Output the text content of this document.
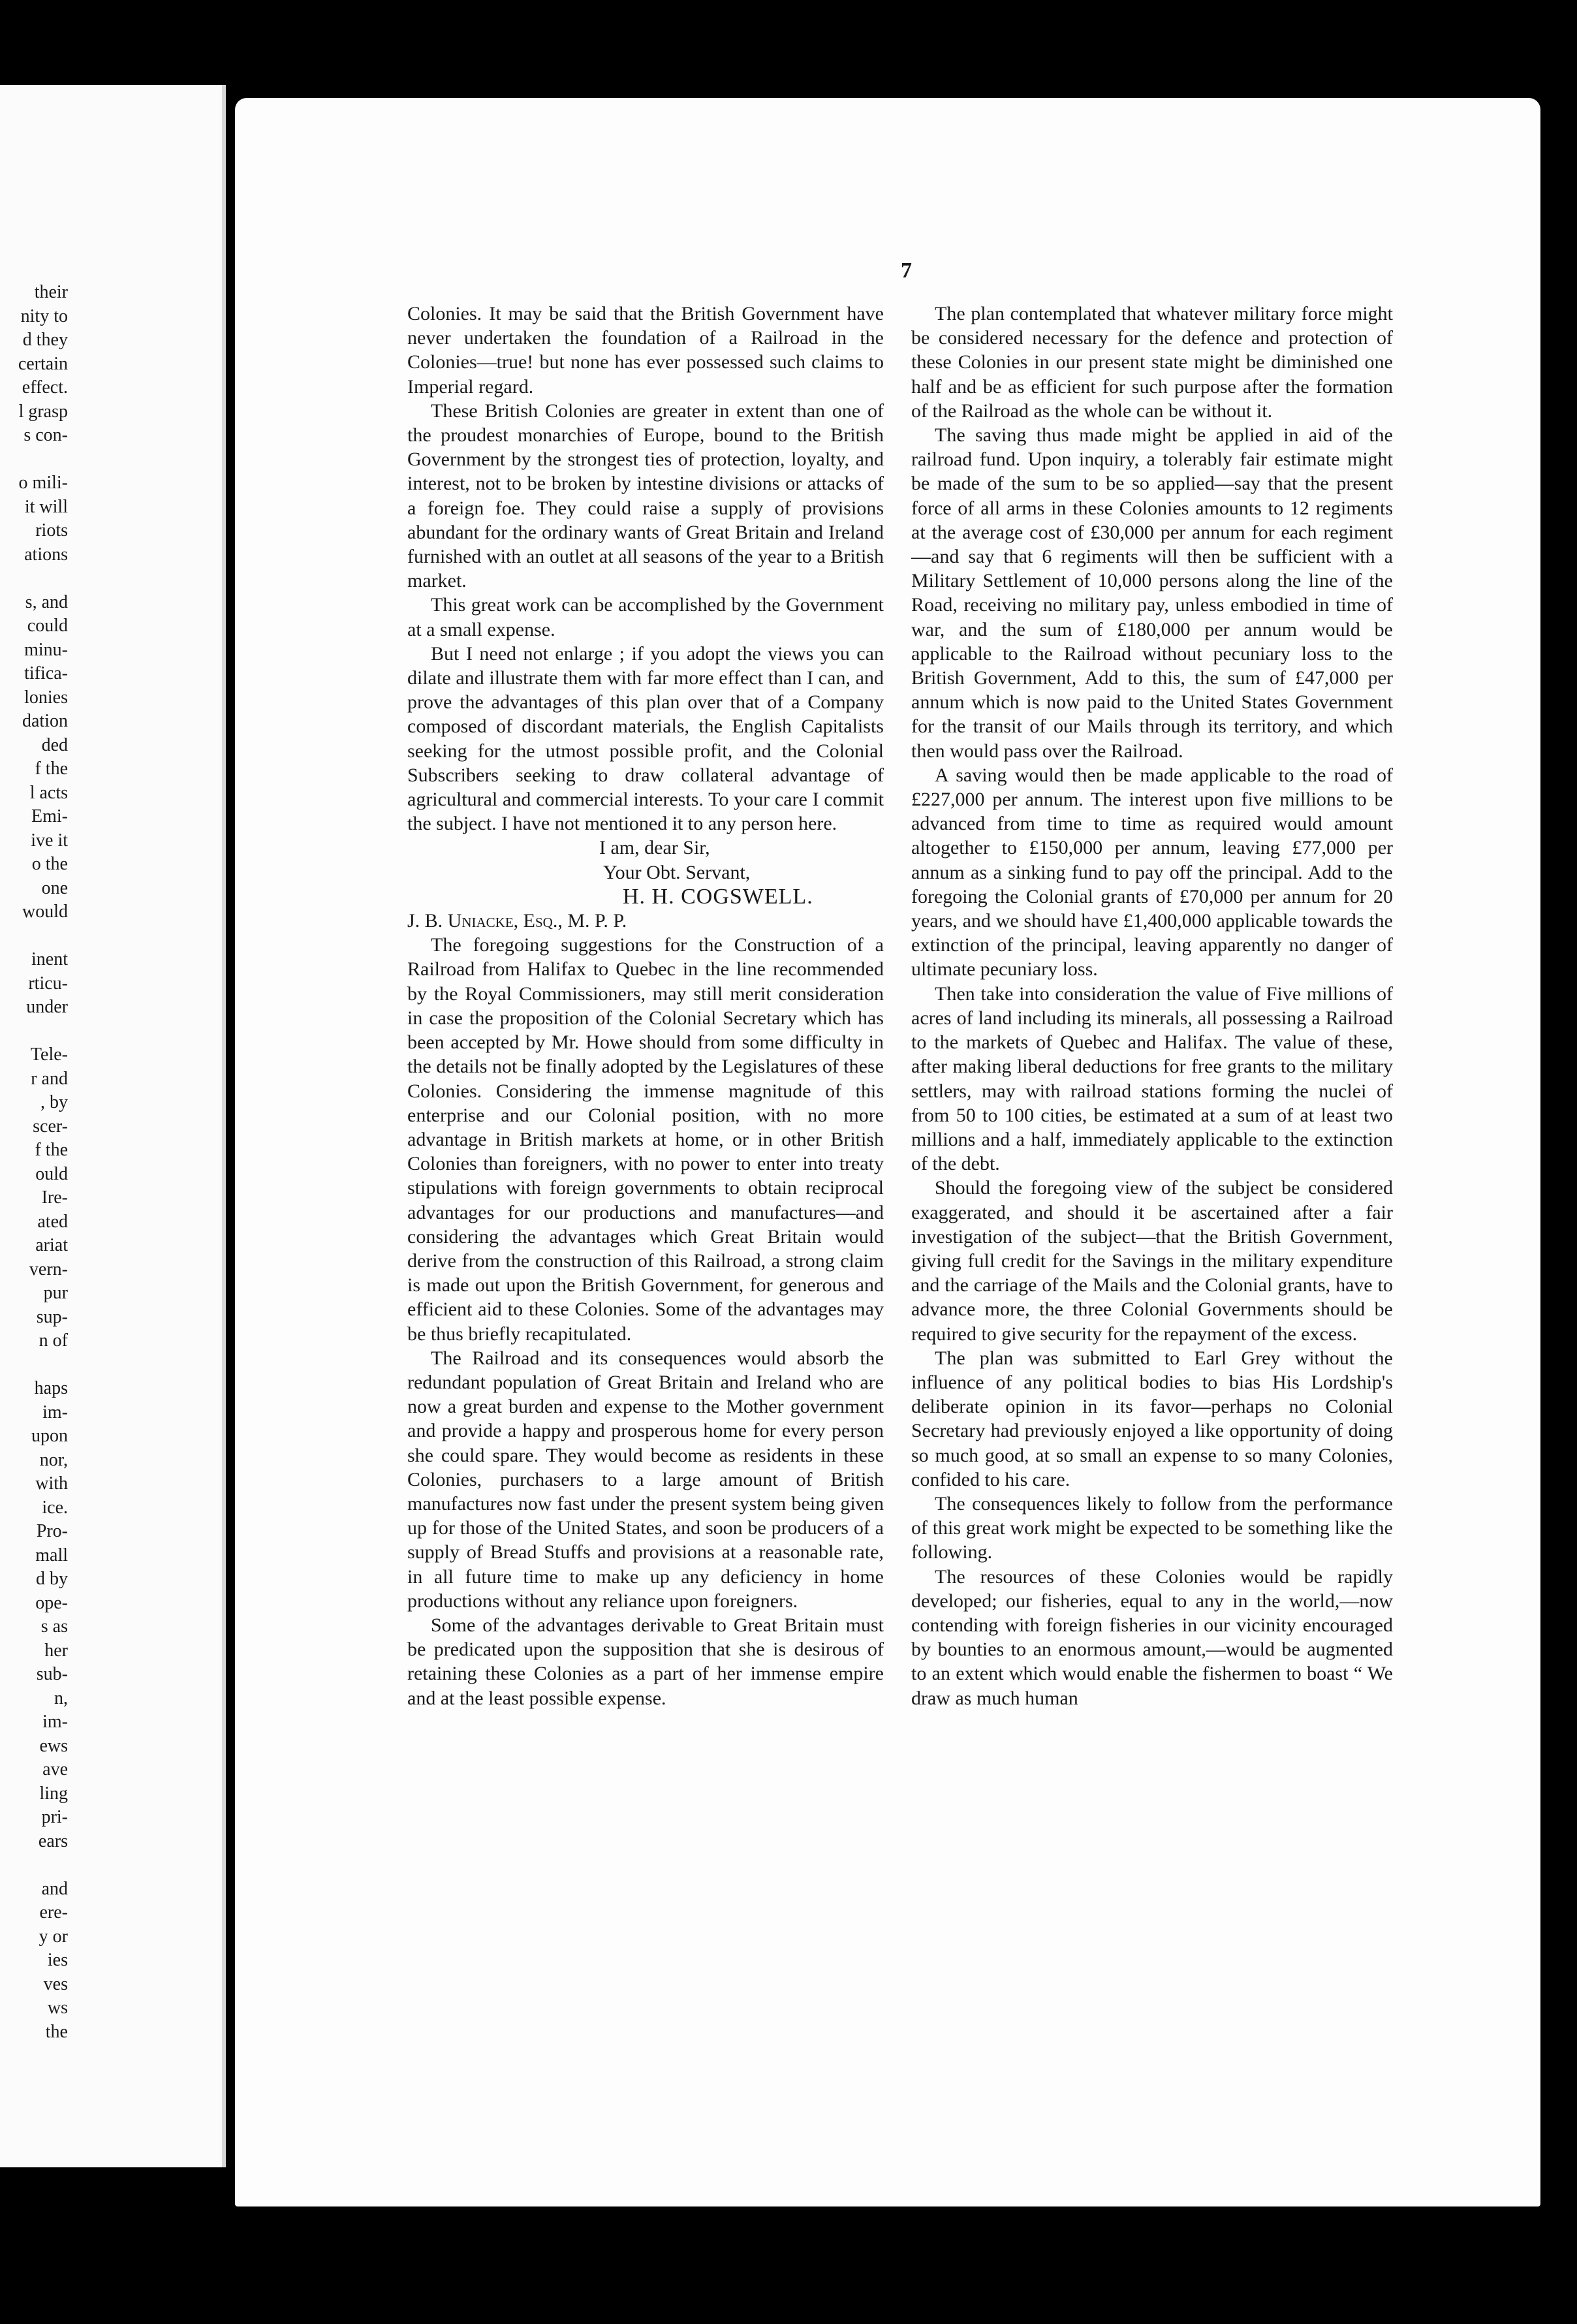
their
nity to
d they
certain
effect.
l grasp
s con-

o mili-
it will
riots
ations

s, and
could
minu-
tifica-
lonies
dation
ded
f the
l acts
Emi-
ive it
o the
one
would

inent
rticu-
under

Tele-
r and
, by
scer-
f the
ould
Ire-
ated
ariat
vern-
pur
sup-
n of

haps
im-
upon
nor,
with
ice.
Pro-
mall
d by
ope-
s as
her
sub-
n,
im-
ews
ave
ling
pri-
ears

and
ere-
y or
ies
ves
ws
the

7

Colonies. It may be said that the British Government have never undertaken the foundation of a Railroad in the Colonies—true! but none has ever possessed such claims to Imperial regard.

These British Colonies are greater in extent than one of the proudest monarchies of Europe, bound to the British Government by the strongest ties of protection, loyalty, and interest, not to be broken by intestine divisions or attacks of a foreign foe. They could raise a supply of provisions abundant for the ordinary wants of Great Britain and Ireland furnished with an outlet at all seasons of the year to a British market.

This great work can be accomplished by the Government at a small expense.

But I need not enlarge ; if you adopt the views you can dilate and illustrate them with far more effect than I can, and prove the advantages of this plan over that of a Company composed of discordant materials, the English Capitalists seeking for the utmost possible profit, and the Colonial Subscribers seeking to draw collateral advantage of agricultural and commercial interests. To your care I commit the subject. I have not mentioned it to any person here.

I am, dear Sir,

Your Obt. Servant,

H. H. COGSWELL.

J. B. Uniacke, Esq., M. P. P.

The foregoing suggestions for the Construction of a Railroad from Halifax to Quebec in the line recommended by the Royal Commissioners, may still merit consideration in case the proposition of the Colonial Secretary which has been accepted by Mr. Howe should from some difficulty in the details not be finally adopted by the Legislatures of these Colonies. Considering the immense magnitude of this enterprise and our Colonial position, with no more advantage in British markets at home, or in other British Colonies than foreigners, with no power to enter into treaty stipulations with foreign governments to obtain reciprocal advantages for our productions and manufactures—and considering the advantages which Great Britain would derive from the construction of this Railroad, a strong claim is made out upon the British Government, for generous and efficient aid to these Colonies. Some of the advantages may be thus briefly recapitulated.

The Railroad and its consequences would absorb the redundant population of Great Britain and Ireland who are now a great burden and expense to the Mother government and provide a happy and prosperous home for every person she could spare. They would become as residents in these Colonies, purchasers to a large amount of British manufactures now fast under the present system being given up for those of the United States, and soon be producers of a supply of Bread Stuffs and provisions at a reasonable rate, in all future time to make up any deficiency in home productions without any reliance upon foreigners.

Some of the advantages derivable to Great Britain must be predicated upon the supposition that she is desirous of retaining these Colonies as a part of her immense empire and at the least possible expense.

The plan contemplated that whatever military force might be considered necessary for the defence and protection of these Colonies in our present state might be diminished one half and be as efficient for such purpose after the formation of the Railroad as the whole can be without it.

The saving thus made might be applied in aid of the railroad fund. Upon inquiry, a tolerably fair estimate might be made of the sum to be so applied—say that the present force of all arms in these Colonies amounts to 12 regiments at the average cost of £30,000 per annum for each regiment—and say that 6 regiments will then be sufficient with a Military Settlement of 10,000 persons along the line of the Road, receiving no military pay, unless embodied in time of war, and the sum of £180,000 per annum would be applicable to the Railroad without pecuniary loss to the British Government, Add to this, the sum of £47,000 per annum which is now paid to the United States Government for the transit of our Mails through its territory, and which then would pass over the Railroad.

A saving would then be made applicable to the road of £227,000 per annum. The interest upon five millions to be advanced from time to time as required would amount altogether to £150,000 per annum, leaving £77,000 per annum as a sinking fund to pay off the principal. Add to the foregoing the Colonial grants of £70,000 per annum for 20 years, and we should have £1,400,000 applicable towards the extinction of the principal, leaving apparently no danger of ultimate pecuniary loss.

Then take into consideration the value of Five millions of acres of land including its minerals, all possessing a Railroad to the markets of Quebec and Halifax. The value of these, after making liberal deductions for free grants to the military settlers, may with railroad stations forming the nuclei of from 50 to 100 cities, be estimated at a sum of at least two millions and a half, immediately applicable to the extinction of the debt.

Should the foregoing view of the subject be considered exaggerated, and should it be ascertained after a fair investigation of the subject—that the British Government, giving full credit for the Savings in the military expenditure and the carriage of the Mails and the Colonial grants, have to advance more, the three Colonial Governments should be required to give security for the repayment of the excess.

The plan was submitted to Earl Grey without the influence of any political bodies to bias His Lordship's deliberate opinion in its favor—perhaps no Colonial Secretary had previously enjoyed a like opportunity of doing so much good, at so small an expense to so many Colonies, confided to his care.

The consequences likely to follow from the performance of this great work might be expected to be something like the following.

The resources of these Colonies would be rapidly developed; our fisheries, equal to any in the world,—now contending with foreign fisheries in our vicinity encouraged by bounties to an enormous amount,—would be augmented to an extent which would enable the fishermen to boast “ We draw as much human
